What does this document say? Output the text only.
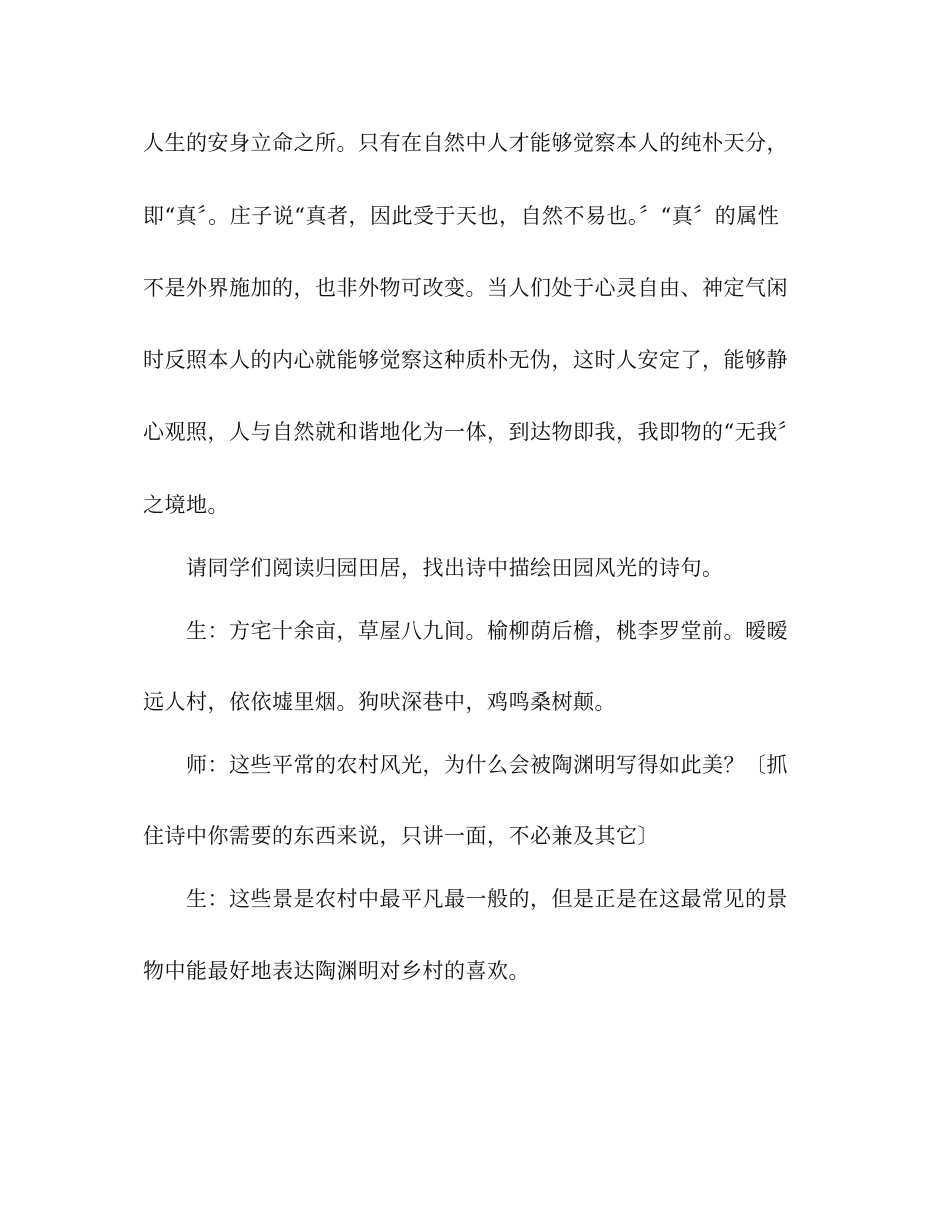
人生的安身立命之所。只有在自然中人才能够觉察本人的纯朴天分，
即“真〞。庄子说“真者，因此受于天也，自然不易也。〞“真〞的属性
不是外界施加的，也非外物可改变。当人们处于心灵自由、神定气闲
时反照本人的内心就能够觉察这种质朴无伪，这时人安定了，能够静
心观照，人与自然就和谐地化为一体，到达物即我，我即物的“无我〞
之境地。
请同学们阅读归园田居，找出诗中描绘田园风光的诗句。
生：方宅十余亩，草屋八九间。榆柳荫后檐，桃李罗堂前。暧暧
远人村，依依墟里烟。狗吠深巷中，鸡鸣桑树颠。
师：这些平常的农村风光，为什么会被陶渊明写得如此美？〔抓
住诗中你需要的东西来说，只讲一面，不必兼及其它〕
生：这些景是农村中最平凡最一般的，但是正是在这最常见的景
物中能最好地表达陶渊明对乡村的喜欢。
